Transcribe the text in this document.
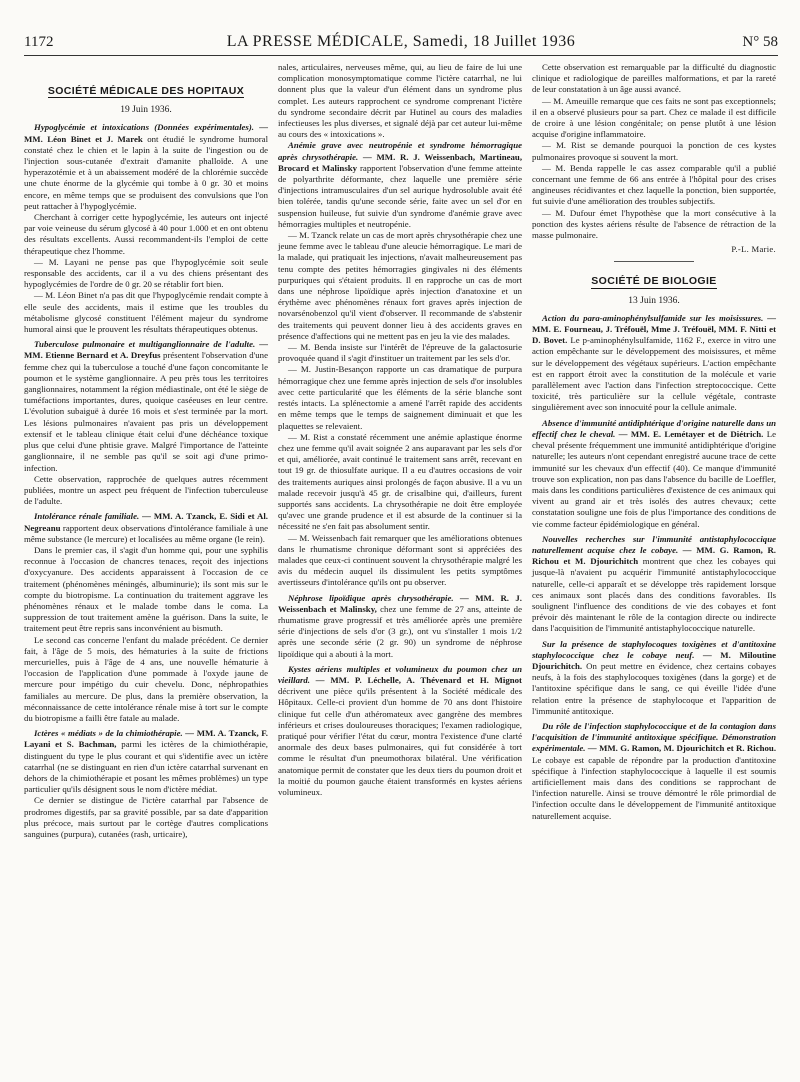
1172	LA PRESSE MÉDICALE, Samedi, 18 Juillet 1936	N° 58
SOCIÉTÉ MÉDICALE DES HOPITAUX
19 Juin 1936.

Hypoglycémie et intoxications (Données expérimentales). — MM. Léon Binet et J. Marek ont étudié le syndrome humoral constaté chez le chien et le lapin à la suite de l'ingestion ou de l'injection sous-cutanée d'extrait d'amanite phalloïde. A une hyperazotémie et à un abaissement modéré de la chlorémie succède une chute énorme de la glycémie qui tombe à 0 gr. 30 et moins encore, en même temps que se produisent des convulsions que l'on peut rattacher à l'hypoglycémie.

Cherchant à corriger cette hypoglycémie, les auteurs ont injecté par voie veineuse du sérum glycosé à 40 pour 1.000 et en ont obtenu des résultats excellents. Aussi recommandent-ils l'emploi de cette thérapeutique chez l'homme.

— M. Layani ne pense pas que l'hypoglycémie soit seule responsable des accidents, car il a vu des chiens présentant des hypoglycémies de l'ordre de 0 gr. 20 se rétablir fort bien.

— M. Léon Binet n'a pas dit que l'hypoglycémie rendait compte à elle seule des accidents, mais il estime que les troubles du métabolisme glycosé constituent l'élément majeur du syndrome humoral ainsi que le prouvent les résultats thérapeutiques obtenus.

Tuberculose pulmonaire et multiganglionnaire de l'adulte. — MM. Etienne Bernard et A. Dreyfus présentent l'observation d'une femme chez qui la tuberculose a touché d'une façon concomitante le poumon et le système ganglionnaire. A peu près tous les territoires ganglionnaires, notamment la région médiastinale, ont été le siège de tuméfactions importantes, dures, quoique caséeuses en leur centre. L'évolution subaiguë à durée 16 mois et s'est terminée par la mort. Les lésions pulmonaires n'avaient pas pris un développement extensif et le tableau clinique était celui d'une déchéance toxique plus que celui d'une phtisie grave. Malgré l'importance de l'atteinte ganglionnaire, il ne semble pas qu'il se soit agi d'une primo-infection.

Cette observation, rapprochée de quelques autres récemment publiées, montre un aspect peu fréquent de l'infection tuberculeuse de l'adulte.

Intolérance rénale familiale. — MM. A. Tzanck, E. Sidi et Al. Negreanu rapportent deux observations d'intolérance familiale à une même substance (le mercure) et localisées au même organe (le rein).

Dans le premier cas, il s'agit d'un homme qui, pour une syphilis reconnue à l'occasion de chancres tenaces, reçoit des injections d'oxycyanure. Des accidents apparaissent à l'occasion de ce traitement (phénomènes méningés, albuminurie); ils sont mis sur le compte du biotropisme. La continuation du traitement aggrave les phénomènes rénaux et le malade tombe dans le coma. La suppression de tout traitement amène la guérison. Dans la suite, le traitement peut être repris sans inconvénient au bismuth.

Le second cas concerne l'enfant du malade précédent. Ce dernier fait, à l'âge de 5 mois, des hématuries à la suite de frictions mercurielles, puis à l'âge de 4 ans, une nouvelle hématurie à l'occasion de l'application d'une pommade à l'oxyde jaune de mercure pour impétigo du cuir chevelu. Donc, néphropathies familiales au mercure. De plus, dans la première observation, la méconnaissance de cette intolérance rénale mise à tort sur le compte du biotropisme a failli être fatale au malade.

Ictères « médiats » de la chimiothérapie. — MM. A. Tzanck, F. Layani et S. Bachman, parmi les ictères de la chimiothérapie, distinguent du type le plus courant et qui s'identifie avec un ictère catarrhal (ne se distinguant en rien d'un ictère catarrhal survenant en dehors de la chimiothérapie et posant les mêmes problèmes) un type particulier qu'ils désignent sous le nom d'ictère médiat.

Ce dernier se distingue de l'ictère catarrhal par l'absence de prodromes digestifs, par sa gravité possible, par sa date d'apparition plus précoce, mais surtout par le cortège d'autres complications sanguines (purpura), cutanées (rash, urticaire),

nales, articulaires, nerveuses même, qui, au lieu de faire de lui une complication monosymptomatique comme l'ictère catarrhal, ne lui donnent plus que la valeur d'un élément dans un syndrome plus complet. Les auteurs rapprochent ce syndrome comprenant l'ictère du syndrome secondaire décrit par Hutinel au cours des maladies infectieuses les plus diverses, et signalé déjà par cet auteur lui-même au cours des « intoxications ».

Anémie grave avec neutropénie et syndrome hémorragique après chrysothérapie. — MM. R. J. Weissenbach, Martineau, Brocard et Malinsky rapportent l'observation d'une femme atteinte de polyarthrite déformante, chez laquelle une première série d'injections intramusculaires d'un sel aurique hydrosoluble avait été bien tolérée, tandis qu'une seconde série, faite avec un sel d'or en suspension huileuse, fut suivie d'un syndrome d'anémie grave avec hémorragies multiples et neutropénie.

— M. Tzanck relate un cas de mort après chrysothérapie chez une jeune femme avec le tableau d'une aleucie hémorragique. Le mari de la malade, qui pratiquait les injections, n'avait malheureusement pas tenu compte des petites hémorragies gingivales ni des éléments purpuriques qui s'étaient produits. Il en rapproche un cas de mort dans une néphrose lipoïdique après injection d'anatoxine et un érythème avec phénomènes rénaux fort graves après injection de novarsénobenzol qu'il vient d'observer. Il recommande de s'abstenir des traitements qui peuvent donner lieu à des accidents graves en présence d'affections qui ne mettent pas en jeu la vie des malades.

— M. Benda insiste sur l'intérêt de l'épreuve de la galactosurie provoquée quand il s'agit d'instituer un traitement par les sels d'or.

— M. Justin-Besançon rapporte un cas dramatique de purpura hémorragique chez une femme après injection de sels d'or insolubles avec cette particularité que les éléments de la série blanche sont restés intacts. La splénectomie a amené l'arrêt rapide des accidents en même temps que le temps de saignement diminuait et que les plaquettes se relevaient.

— M. Rist a constaté récemment une anémie aplastique énorme chez une femme qu'il avait soignée 2 ans auparavant par les sels d'or et qui, améliorée, avait continué le traitement sans arrêt, recevant en tout 19 gr. de thiosulfate aurique. Il a eu d'autres occasions de voir des traitements auriques ainsi prolongés de façon abusive. Il a vu un malade recevoir jusqu'à 45 gr. de crisalbine qui, d'ailleurs, furent supportés sans accidents. La chrysothérapie ne doit être employée qu'avec une grande prudence et il est absurde de la continuer si la nécessité ne s'en fait pas absolument sentir.

— M. Weissenbach fait remarquer que les améliorations obtenues dans le rhumatisme chronique déformant sont si appréciées des malades que ceux-ci continuent souvent la chrysothérapie malgré les avis du médecin auquel ils dissimulent les petits symptômes avertisseurs d'intolérance qu'ils ont pu observer.

Néphrose lipoïdique après chrysothérapie. — MM. R. J. Weissenbach et Malinsky, chez une femme de 27 ans, atteinte de rhumatisme grave progressif et très améliorée après une première série d'injections de sels d'or (3 gr.), ont vu s'installer 1 mois 1/2 après une seconde série (2 gr. 90) un syndrome de néphrose lipoïdique qui a abouti à la mort.

Kystes aériens multiples et volumineux du poumon chez un vieillard. — MM. P. Léchelle, A. Thévenard et H. Mignot décrivent une pièce qu'ils présentent à la Société médicale des Hôpitaux. Celle-ci provient d'un homme de 70 ans dont l'histoire clinique fut celle d'un athéromateux avec gangrène des membres inférieurs et crises douloureuses thoraciques; l'examen radiologique, pratiqué pour vérifier l'état du cœur, montra l'existence d'une clarté anormale des deux bases pulmonaires, qui fut considérée à tort comme le résultat d'un pneumothorax bilatéral. Une vérification anatomique permit de constater que les deux tiers du poumon droit et la moitié du poumon gauche étaient transformés en kystes aériens volumineux.

Cette observation est remarquable par la difficulté du diagnostic clinique et radiologique de pareilles malformations, et par la rareté de leur constatation à un âge aussi avancé.

— M. Ameuille remarque que ces faits ne sont pas exceptionnels; il en a observé plusieurs pour sa part. Chez ce malade il est difficile de croire à une lésion congénitale; on pense plutôt à une lésion acquise d'origine inflammatoire.

— M. Rist se demande pourquoi la ponction de ces kystes pulmonaires provoque si souvent la mort.

— M. Benda rappelle le cas assez comparable qu'il a publié concernant une femme de 66 ans entrée à l'hôpital pour des crises angineuses récidivantes et chez laquelle la ponction, bien supportée, fut suivie d'une amélioration des troubles subjectifs.

— M. Dufour émet l'hypothèse que la mort consécutive à la ponction des kystes aériens résulte de l'absence de rétraction de la masse pulmonaire.

P.-L. Marie.
SOCIÉTÉ DE BIOLOGIE
13 Juin 1936.

Action du para-aminophénylsulfamide sur les moisissures. — MM. E. Fourneau, J. Tréfouël, Mme J. Tréfouël, MM. F. Nitti et D. Bovet. Le p-aminophénylsulfamide, 1162 F., exerce in vitro une action empêchante sur le développement des moisissures, et même sur le développement des végétaux supérieurs. L'action empêchante est en rapport étroit avec la constitution de la molécule et varie parallèlement avec l'action dans l'infection streptococcique. Cette toxicité, très particulière sur la cellule végétale, contraste singulièrement avec son innocuité pour la cellule animale.

Absence d'immunité antidiphtérique d'origine naturelle dans un effectif chez le cheval. — MM. E. Lemétayer et de Diétrich. Le cheval présente fréquemment une immunité antidiphtérique d'origine naturelle; les auteurs n'ont cependant enregistré aucune trace de cette immunité sur les chevaux d'un effectif (40). Ce manque d'immunité trouve son explication, non pas dans l'absence du bacille de Loeffler, mais dans les conditions particulières d'existence de ces animaux qui vivent au grand air et très isolés des autres chevaux; cette constatation souligne une fois de plus l'importance des conditions de vie comme facteur épidémiologique en général.

Nouvelles recherches sur l'immunité antistaphylococcique naturellement acquise chez le cobaye. — MM. G. Ramon, R. Richou et M. Djourichitch montrent que chez les cobayes qui jusque-là n'avaient pu acquérir l'immunité antistaphylococcique naturelle, celle-ci apparaît et se développe très rapidement lorsque ces animaux sont placés dans des conditions favorables. Ils soulignent l'influence des conditions de vie des cobayes et font prévoir dès maintenant le rôle de la contagion directe ou indirecte dans l'acquisition de l'immunité antistaphylococcique naturelle.

Sur la présence de staphylocoques toxigènes et d'antitoxine staphylococcique chez le cobaye neuf. — M. Miloutine Djourichitch. On peut mettre en évidence, chez certains cobayes neufs, à la fois des staphylocoques toxigènes (dans la gorge) et de l'antitoxine spécifique dans le sang, ce qui éveille l'idée d'une relation entre la présence de staphylocoque et l'apparition de l'immunité antitoxique.

Du rôle de l'infection staphylococcique et de la contagion dans l'acquisition de l'immunité antitoxique spécifique. Démonstration expérimentale. — MM. G. Ramon, M. Djourichitch et R. Richou. Le cobaye est capable de répondre par la production d'antitoxine spécifique à l'infection staphylococcique à laquelle il est soumis artificiellement mais dans des conditions se rapprochant de l'infection naturelle. Ainsi se trouve démontré le rôle primordial de l'infection occulte dans le développement de l'immunité antitoxique naturellement acquise.
